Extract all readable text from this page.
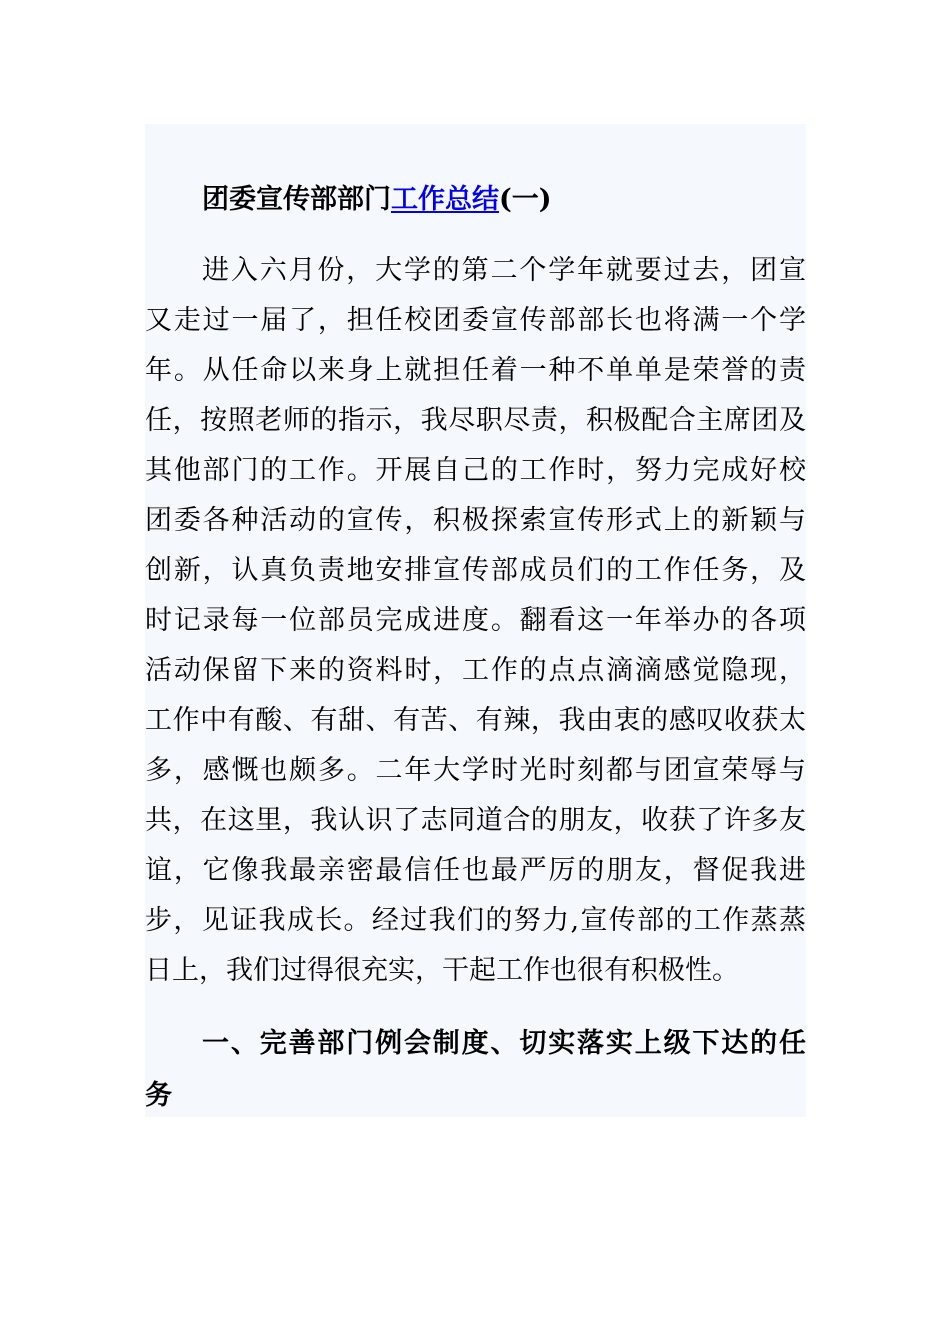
团委宣传部部门工作总结(一)
进入六月份，大学的第二个学年就要过去，团宣
又走过一届了，担任校团委宣传部部长也将满一个学
年。从任命以来身上就担任着一种不单单是荣誉的责
任，按照老师的指示，我尽职尽责，积极配合主席团及
其他部门的工作。开展自己的工作时，努力完成好校
团委各种活动的宣传，积极探索宣传形式上的新颖与
创新，认真负责地安排宣传部成员们的工作任务，及
时记录每一位部员完成进度。翻看这一年举办的各项
活动保留下来的资料时，工作的点点滴滴感觉隐现，
工作中有酸、有甜、有苦、有辣，我由衷的感叹收获太
多，感慨也颇多。二年大学时光时刻都与团宣荣辱与
共，在这里，我认识了志同道合的朋友，收获了许多友
谊，它像我最亲密最信任也最严厉的朋友，督促我进
步，见证我成长。经过我们的努力,宣传部的工作蒸蒸
日上，我们过得很充实，干起工作也很有积极性。
一、完善部门例会制度、切实落实上级下达的任
务
